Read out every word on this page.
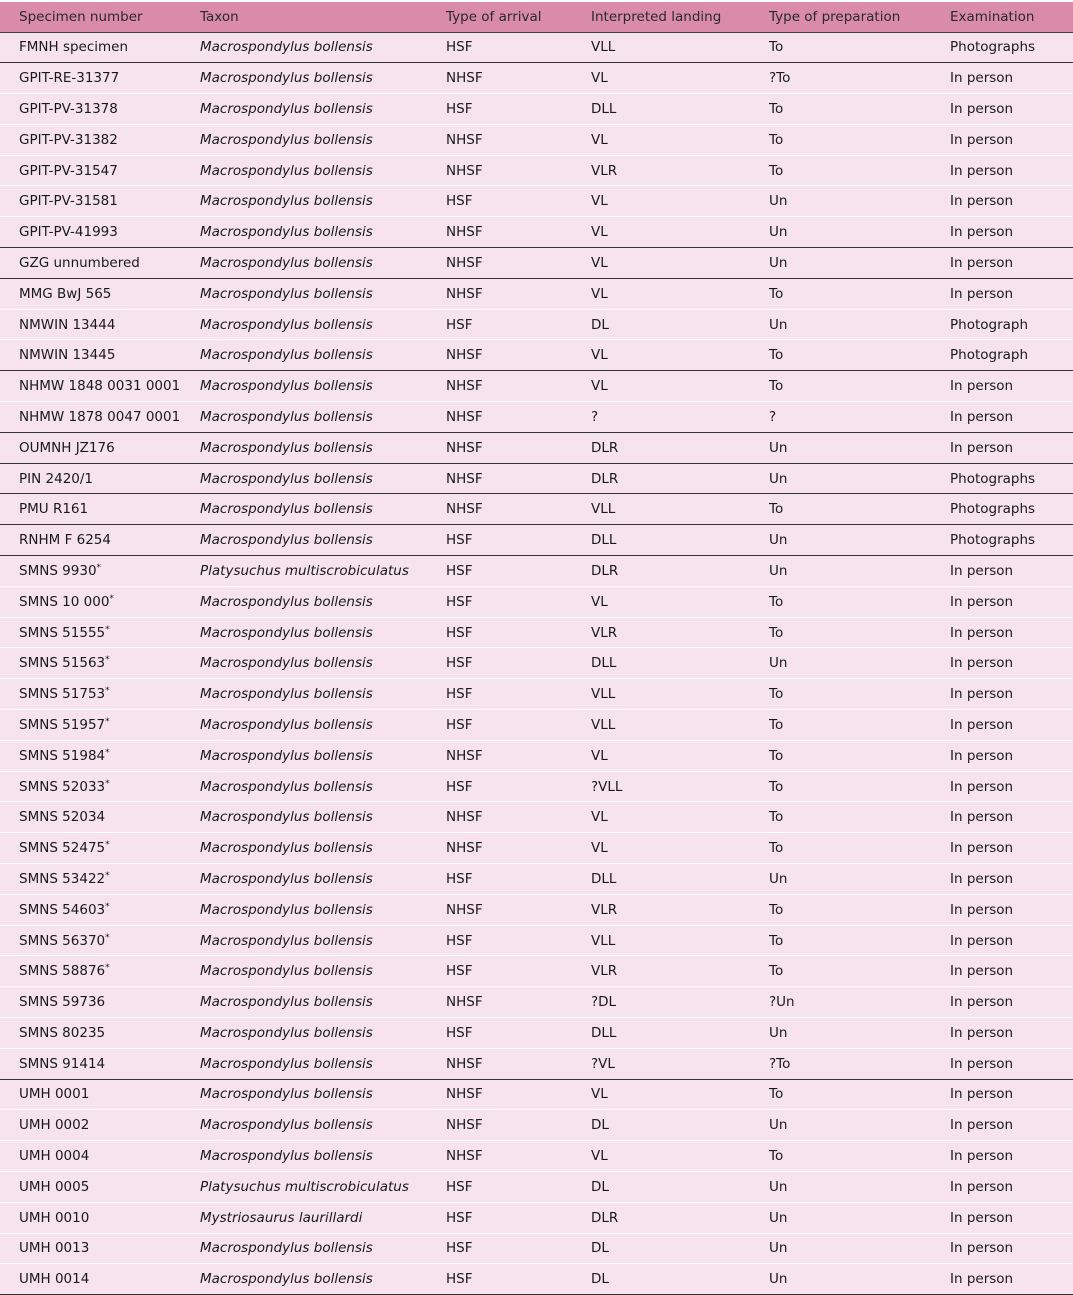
Specimen number	Taxon	Type of arrival	Interpreted landing	Type of preparation	Examination
FMNH specimen	Macrospondylus bollensis	HSF	VLL	To	Photographs
GPIT-RE-31377	Macrospondylus bollensis	NHSF	VL	?To	In person
GPIT-PV-31378	Macrospondylus bollensis	HSF	DLL	To	In person
GPIT-PV-31382	Macrospondylus bollensis	NHSF	VL	To	In person
GPIT-PV-31547	Macrospondylus bollensis	NHSF	VLR	To	In person
GPIT-PV-31581	Macrospondylus bollensis	HSF	VL	Un	In person
GPIT-PV-41993	Macrospondylus bollensis	NHSF	VL	Un	In person
GZG unnumbered	Macrospondylus bollensis	NHSF	VL	Un	In person
MMG BwJ 565	Macrospondylus bollensis	NHSF	VL	To	In person
NMWIN 13444	Macrospondylus bollensis	HSF	DL	Un	Photograph
NMWIN 13445	Macrospondylus bollensis	NHSF	VL	To	Photograph
NHMW 1848 0031 0001	Macrospondylus bollensis	NHSF	VL	To	In person
NHMW 1878 0047 0001	Macrospondylus bollensis	NHSF	?	?	In person
OUMNH JZ176	Macrospondylus bollensis	NHSF	DLR	Un	In person
PIN 2420/1	Macrospondylus bollensis	NHSF	DLR	Un	Photographs
PMU R161	Macrospondylus bollensis	NHSF	VLL	To	Photographs
RNHM F 6254	Macrospondylus bollensis	HSF	DLL	Un	Photographs
SMNS 9930*	Platysuchus multiscrobiculatus	HSF	DLR	Un	In person
SMNS 10 000*	Macrospondylus bollensis	HSF	VL	To	In person
SMNS 51555*	Macrospondylus bollensis	HSF	VLR	To	In person
SMNS 51563*	Macrospondylus bollensis	HSF	DLL	Un	In person
SMNS 51753*	Macrospondylus bollensis	HSF	VLL	To	In person
SMNS 51957*	Macrospondylus bollensis	HSF	VLL	To	In person
SMNS 51984*	Macrospondylus bollensis	NHSF	VL	To	In person
SMNS 52033*	Macrospondylus bollensis	HSF	?VLL	To	In person
SMNS 52034	Macrospondylus bollensis	NHSF	VL	To	In person
SMNS 52475*	Macrospondylus bollensis	NHSF	VL	To	In person
SMNS 53422*	Macrospondylus bollensis	HSF	DLL	Un	In person
SMNS 54603*	Macrospondylus bollensis	NHSF	VLR	To	In person
SMNS 56370*	Macrospondylus bollensis	HSF	VLL	To	In person
SMNS 58876*	Macrospondylus bollensis	HSF	VLR	To	In person
SMNS 59736	Macrospondylus bollensis	NHSF	?DL	?Un	In person
SMNS 80235	Macrospondylus bollensis	HSF	DLL	Un	In person
SMNS 91414	Macrospondylus bollensis	NHSF	?VL	?To	In person
UMH 0001	Macrospondylus bollensis	NHSF	VL	To	In person
UMH 0002	Macrospondylus bollensis	NHSF	DL	Un	In person
UMH 0004	Macrospondylus bollensis	NHSF	VL	To	In person
UMH 0005	Platysuchus multiscrobiculatus	HSF	DL	Un	In person
UMH 0010	Mystriosaurus laurillardi	HSF	DLR	Un	In person
UMH 0013	Macrospondylus bollensis	HSF	DL	Un	In person
UMH 0014	Macrospondylus bollensis	HSF	DL	Un	In person
